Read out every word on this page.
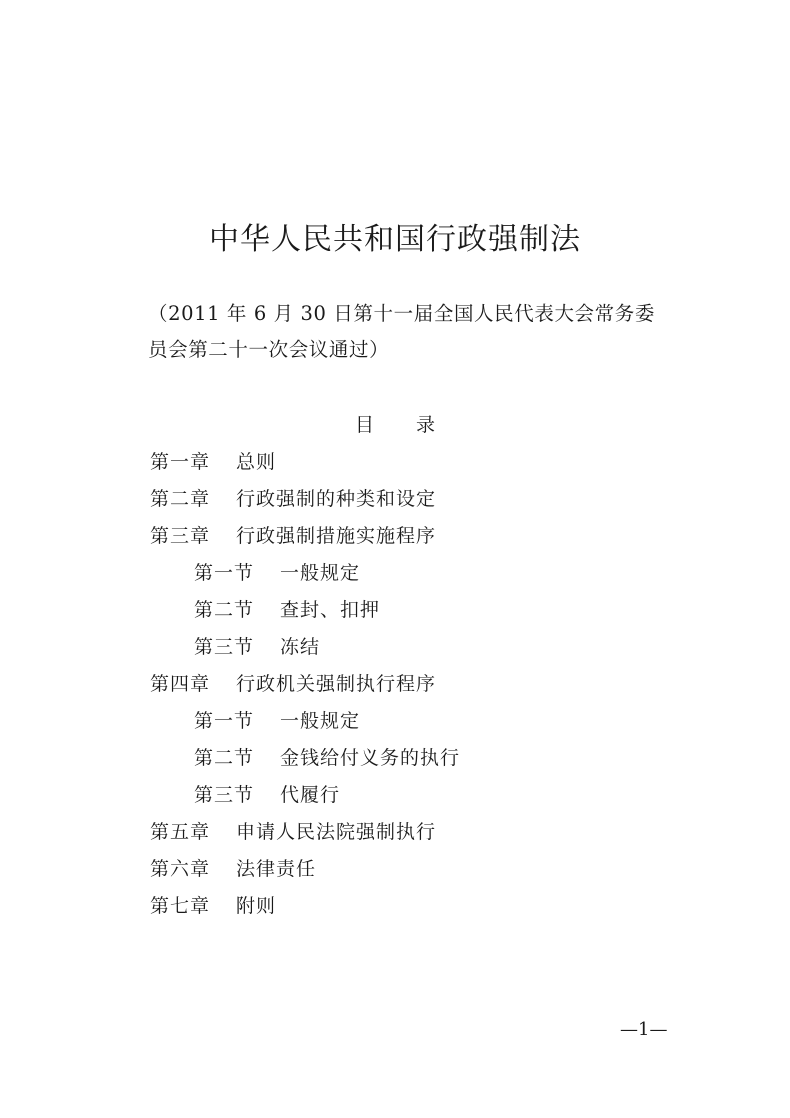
中华人民共和国行政强制法
（2011 年 6 月 30 日第十一届全国人民代表大会常务委员会第二十一次会议通过）
目 录
第一章 总则
第二章 行政强制的种类和设定
第三章 行政强制措施实施程序
第一节 一般规定
第二节 查封、扣押
第三节 冻结
第四章 行政机关强制执行程序
第一节 一般规定
第二节 金钱给付义务的执行
第三节 代履行
第五章 申请人民法院强制执行
第六章 法律责任
第七章 附则
—1—
